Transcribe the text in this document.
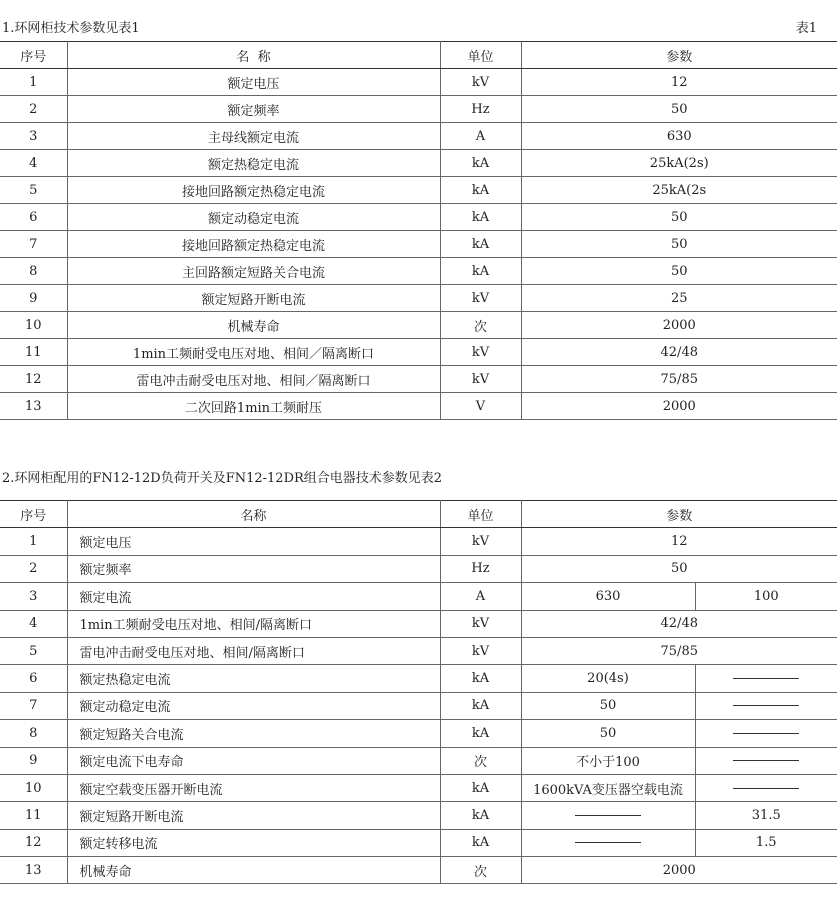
1.环网柜技术参数见表1	表1
序号	名  称	单位	参数
1	额定电压	kV	12
2	额定频率	Hz	50
3	主母线额定电流	A	630
4	额定热稳定电流	kA	25kA(2s)
5	接地回路额定热稳定电流	kA	25kA(2s
6	额定动稳定电流	kA	50
7	接地回路额定热稳定电流	kA	50
8	主回路额定短路关合电流	kA	50
9	额定短路开断电流	kV	25
10	机械寿命	次	2000
11	1min工频耐受电压对地、相间／隔离断口	kV	42/48
12	雷电冲击耐受电压对地、相间／隔离断口	kV	75/85
13	二次回路1min工频耐压	V	2000
2.环网柜配用的FN12-12D负荷开关及FN12-12DR组合电器技术参数见表2
序号	名称	单位	参数	
1	额定电压	kV	12	
2	额定频率	Hz	50	
3	额定电流	A	630	100
4	1min工频耐受电压对地、相间/隔离断口	kV	42/48	
5	雷电冲击耐受电压对地、相间/隔离断口	kV	75/85	
6	额定热稳定电流	kA	20(4s)	
7	额定动稳定电流	kA	50	
8	额定短路关合电流	kA	50	
9	额定电流下电寿命	次	不小于100	
10	额定空载变压器开断电流	kA	1600kVA变压器空载电流	
11	额定短路开断电流	kA		31.5
12	额定转移电流	kA		1.5
13	机械寿命	次	2000	
